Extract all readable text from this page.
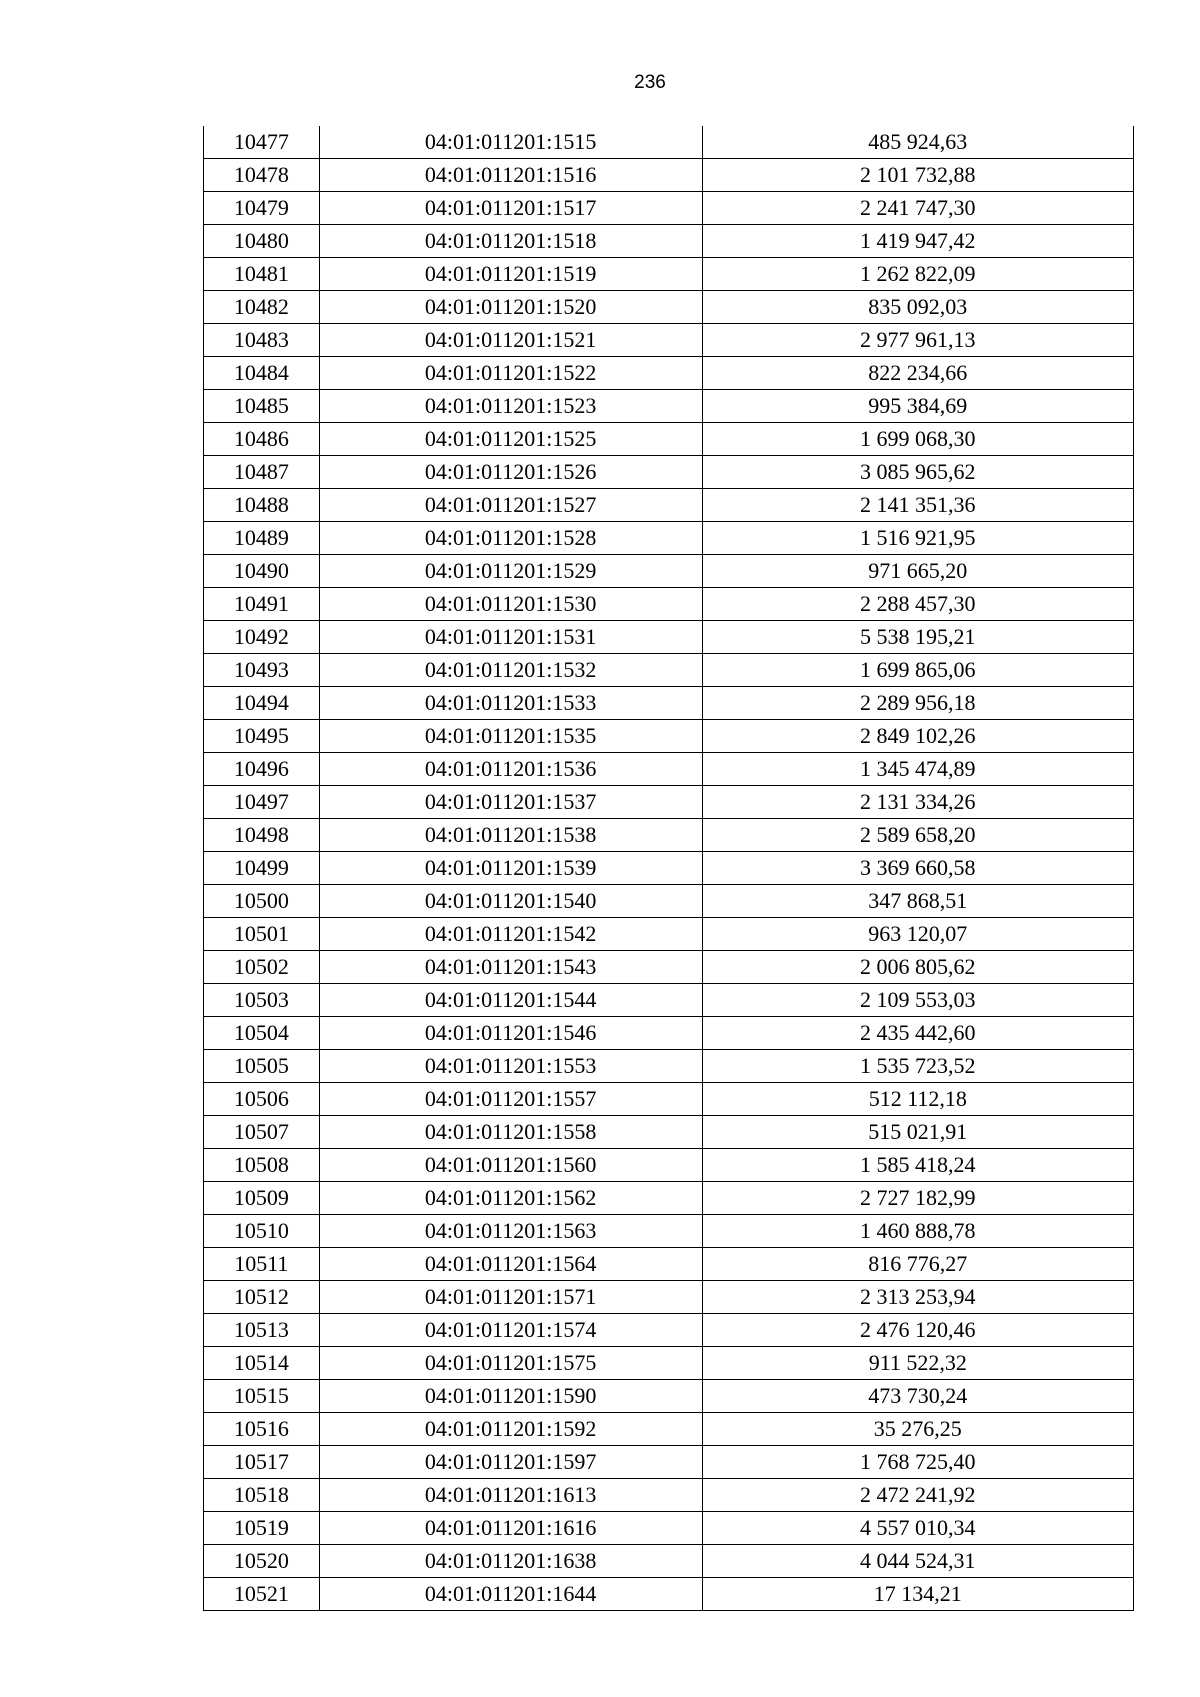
236
10477	04:01:011201:1515	485 924,63
10478	04:01:011201:1516	2 101 732,88
10479	04:01:011201:1517	2 241 747,30
10480	04:01:011201:1518	1 419 947,42
10481	04:01:011201:1519	1 262 822,09
10482	04:01:011201:1520	835 092,03
10483	04:01:011201:1521	2 977 961,13
10484	04:01:011201:1522	822 234,66
10485	04:01:011201:1523	995 384,69
10486	04:01:011201:1525	1 699 068,30
10487	04:01:011201:1526	3 085 965,62
10488	04:01:011201:1527	2 141 351,36
10489	04:01:011201:1528	1 516 921,95
10490	04:01:011201:1529	971 665,20
10491	04:01:011201:1530	2 288 457,30
10492	04:01:011201:1531	5 538 195,21
10493	04:01:011201:1532	1 699 865,06
10494	04:01:011201:1533	2 289 956,18
10495	04:01:011201:1535	2 849 102,26
10496	04:01:011201:1536	1 345 474,89
10497	04:01:011201:1537	2 131 334,26
10498	04:01:011201:1538	2 589 658,20
10499	04:01:011201:1539	3 369 660,58
10500	04:01:011201:1540	347 868,51
10501	04:01:011201:1542	963 120,07
10502	04:01:011201:1543	2 006 805,62
10503	04:01:011201:1544	2 109 553,03
10504	04:01:011201:1546	2 435 442,60
10505	04:01:011201:1553	1 535 723,52
10506	04:01:011201:1557	512 112,18
10507	04:01:011201:1558	515 021,91
10508	04:01:011201:1560	1 585 418,24
10509	04:01:011201:1562	2 727 182,99
10510	04:01:011201:1563	1 460 888,78
10511	04:01:011201:1564	816 776,27
10512	04:01:011201:1571	2 313 253,94
10513	04:01:011201:1574	2 476 120,46
10514	04:01:011201:1575	911 522,32
10515	04:01:011201:1590	473 730,24
10516	04:01:011201:1592	35 276,25
10517	04:01:011201:1597	1 768 725,40
10518	04:01:011201:1613	2 472 241,92
10519	04:01:011201:1616	4 557 010,34
10520	04:01:011201:1638	4 044 524,31
10521	04:01:011201:1644	17 134,21
